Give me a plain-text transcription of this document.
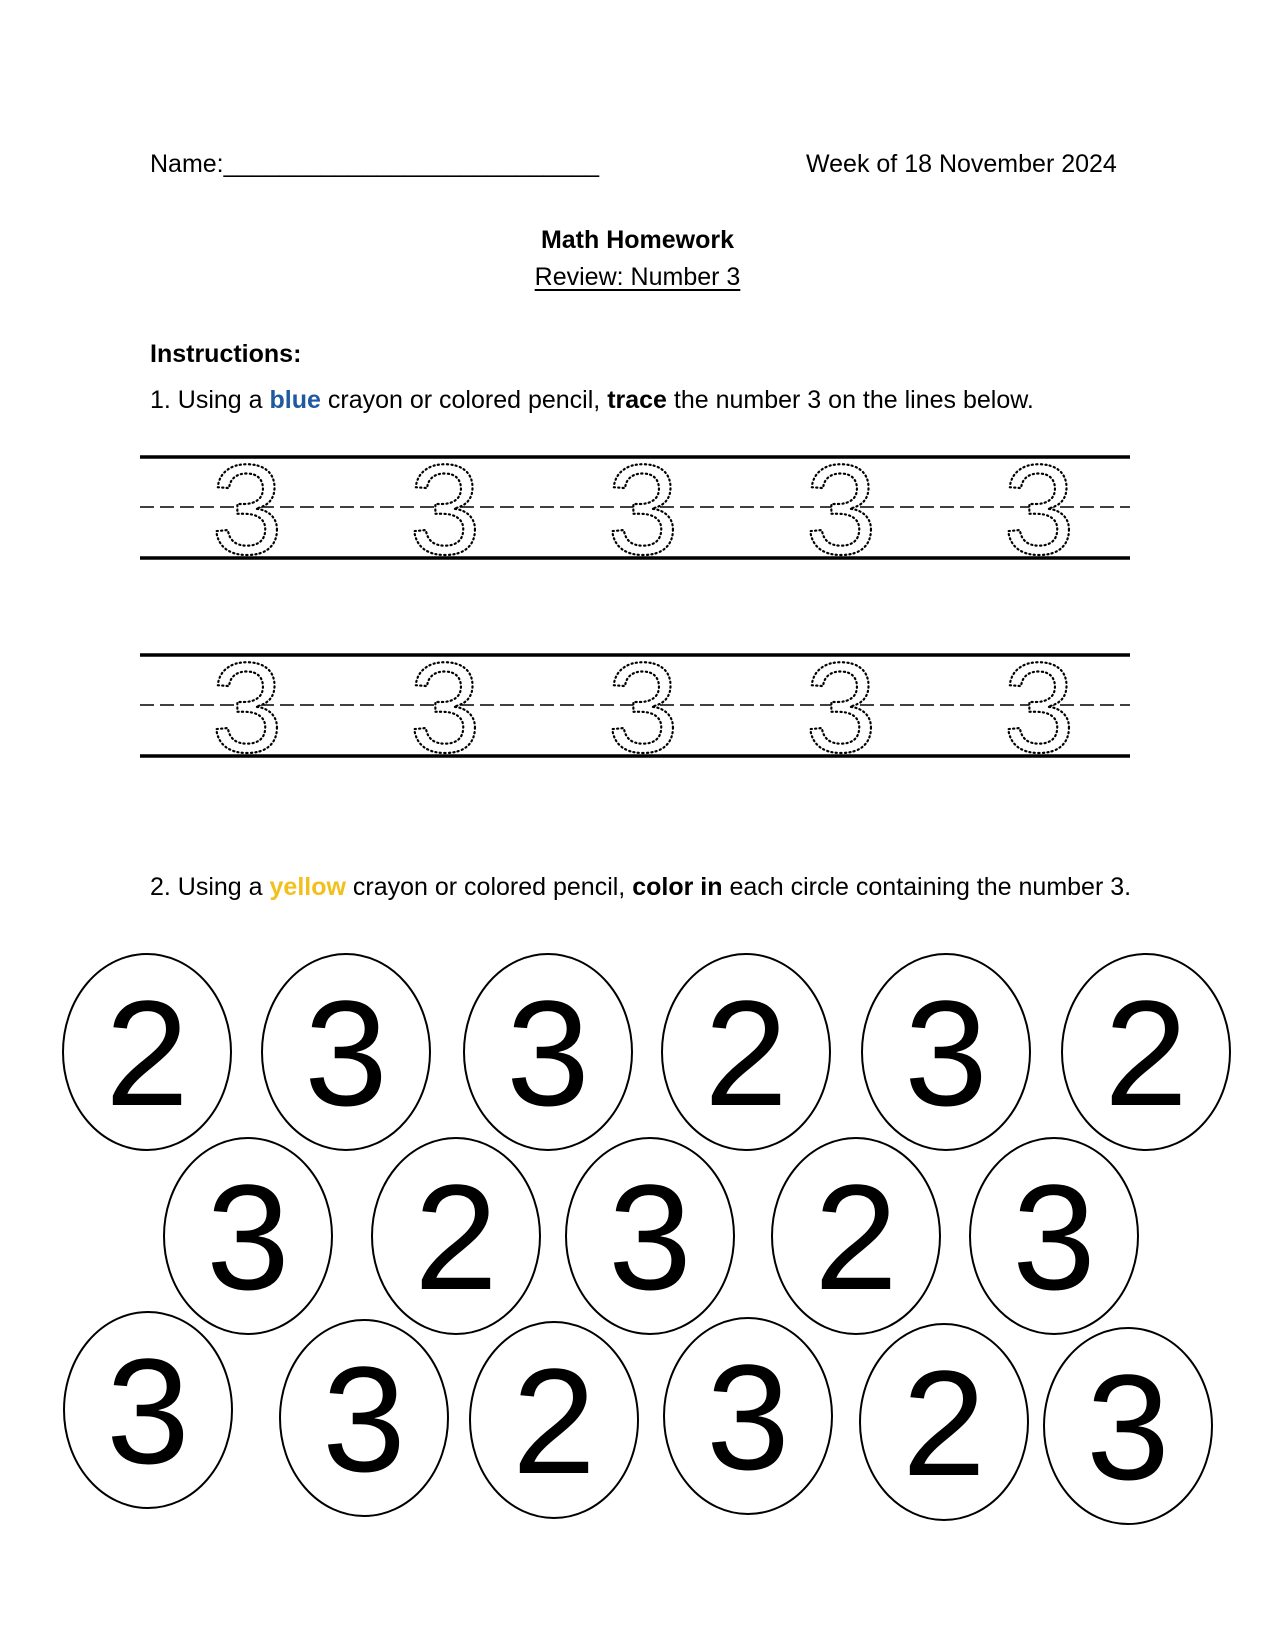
Name:___________________________	Week of 18 November 2024
Math Homework
Review: Number 3
Instructions:
1. Using a blue crayon or colored pencil, trace the number 3 on the lines below.
3 3 3 3 3
3 3 3 3 3
2. Using a yellow crayon or colored pencil, color in each circle containing the number 3.
2 3 3 2 3 2
3 2 3 2 3
3 3 2 3 2 3
